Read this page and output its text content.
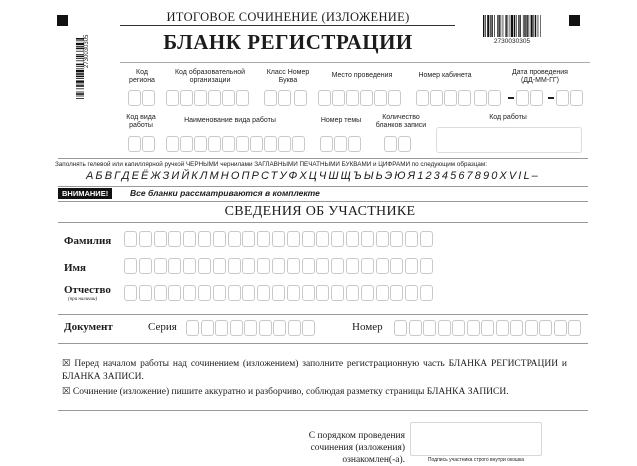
2730030305
ИТОГОВОЕ СОЧИНЕНИЕ (ИЗЛОЖЕНИЕ)
БЛАНК РЕГИСТРАЦИИ	2730030305
Код региона
Код образовательной организации
Класс Номер Буква
Место проведения	Номер кабинета	Дата проведения (ДД-ММ-ГГ)
Код вида работы
Наименование вида работы	Номер темы	Количество бланков записи
Код работы
Заполнять гелевой или капиллярной ручкой ЧЕРНЫМИ чернилами ЗАГЛАВНЫМИ ПЕЧАТНЫМИ БУКВАМИ и ЦИФРАМИ по следующим образцам:
АБВГДЕЁЖЗИЙКЛМНОПРСТУФХЦЧШЩЪЫЬЭЮЯ1234567890XVIL–
ВНИМАНИЕ!	Все бланки рассматриваются в комплекте
СВЕДЕНИЯ ОБ УЧАСТНИКЕ
Фамилия
Имя
Отчество
(при наличии)
Документ	Серия	Номер
☒ Перед началом работы над сочинением (изложением) заполните регистрационную часть БЛАНКА РЕГИСТРАЦИИ и БЛАНКА ЗАПИСИ.
☒ Сочинение (изложение) пишите аккуратно и разборчиво, соблюдая разметку страницы БЛАНКА ЗАПИСИ.
С порядком проведения сочинения (изложения) ознакомлен(-а).	Подпись участника строго внутри окошка
